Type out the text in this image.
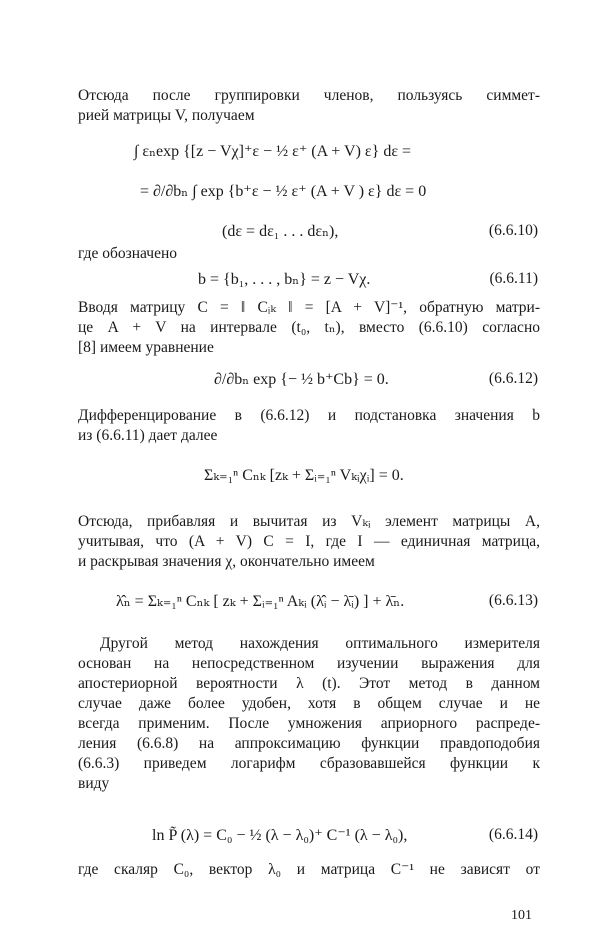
Отсюда после группировки членов, пользуясь симмет-

рией матрицы V, получаем

∫ εₙexp {[z − Vχ]⁺ε − ½ ε⁺ (A + V) ε} dε =
= ∂/∂bₙ ∫ exp {b⁺ε − ½ ε⁺ (A + V ) ε} dε = 0
(dε = dε₁ . . . dεₙ),	(6.6.10)

где обозначено

b = {b₁, . . . , bₙ} = z − Vχ.	(6.6.11)

Вводя матрицу C = ‖ Cᵢₖ ‖ = [A + V]⁻¹, обратную матри-
це A + V на интервале (t₀, tₙ), вместо (6.6.10) согласно

[8] имеем уравнение

∂/∂bₙ exp {− ½ b⁺Cb} = 0.	(6.6.12)

Дифференцирование в (6.6.12) и подстановка значения b

из (6.6.11) дает далее

Σₖ₌₁ⁿ Cₙₖ [zₖ + Σᵢ₌₁ⁿ Vₖᵢχᵢ] = 0.

Отсюда, прибавляя и вычитая из Vₖᵢ элемент матрицы A,
учитывая, что (A + V) C = I, где I — единичная матрица,

и раскрывая значения χ, окончательно имеем

λ̂ₙ = Σₖ₌₁ⁿ Cₙₖ [ zₖ + Σᵢ₌₁ⁿ Aₖᵢ (λ̂ᵢ − λ̄ᵢ) ] + λ̄ₙ.	(6.6.13)

Другой метод нахождения оптимального измерителя
основан на непосредственном изучении выражения для
апостериорной вероятности λ (t). Этот метод в данном
случае даже более удобен, хотя в общем случае и не
всегда применим. После умножения априорного распреде-
ления (6.6.8) на аппроксимацию функции правдоподобия
(6.6.3) приведем логарифм сбразовавшейся функции к

виду

ln P̃ (λ) = C₀ − ½ (λ − λ₀)⁺ C⁻¹ (λ − λ₀),	(6.6.14)

где скаляр C₀, вектор λ₀ и матрица C⁻¹ не зависят от

101
